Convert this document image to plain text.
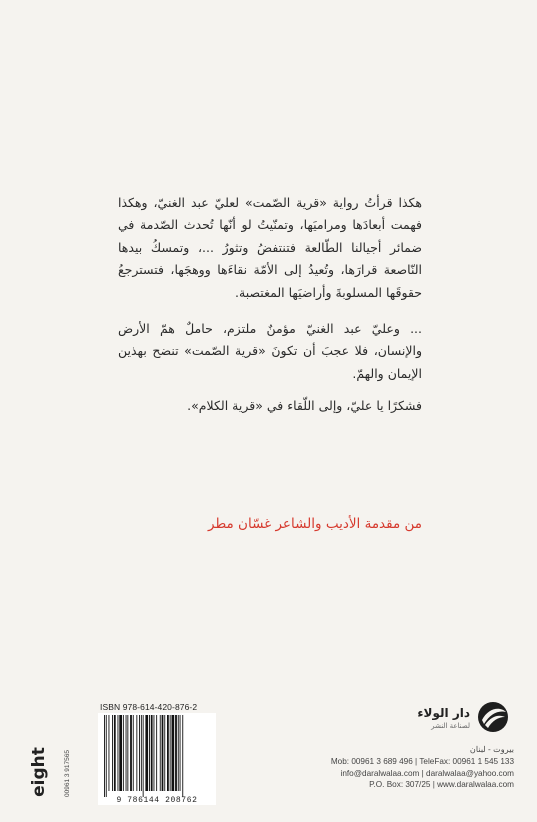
هكذا قرأتُ رواية «قرية الصّمت» لعليّ عبد الغنيّ، وهكذا فهمت أبعادَها ومراميَها، وتمنّيتُ لو أنّها تُحدث الصّدمة في ضمائر أجيالنا الطّالعة فتنتفضُ وتثورُ ...، وتمسكُ بيدها النّاصعة قرارَها، وتُعيدُ إلى الأمّة نقاءَها ووهجَها، فتسترجعُ حقوقَها المسلوبةَ وأراضيَها المغتصبة.

... وعليّ عبد الغنيّ مؤمنٌ ملتزم، حاملٌ همّ الأرض والإنسان، فلا عجبَ أن تكونَ «قرية الصّمت» تنضح بهذين الإيمان والهمّ.

فشكرًا يا عليّ، وإلى اللّقاء في «قرية الكلام».

من مقدمة الأديب والشاعر غسّان مطر
دار الولاء
لصناعة النشر
بيروت - لبنان
Mob: 00961 3 689 496 | TeleFax: 00961 1 545 133
info@daralwalaa.com | daralwalaa@yahoo.com
P.O. Box: 307/25 | www.daralwalaa.com
ISBN 978-614-420-876-2
9 786144 208762
eight 00961 3 917565
